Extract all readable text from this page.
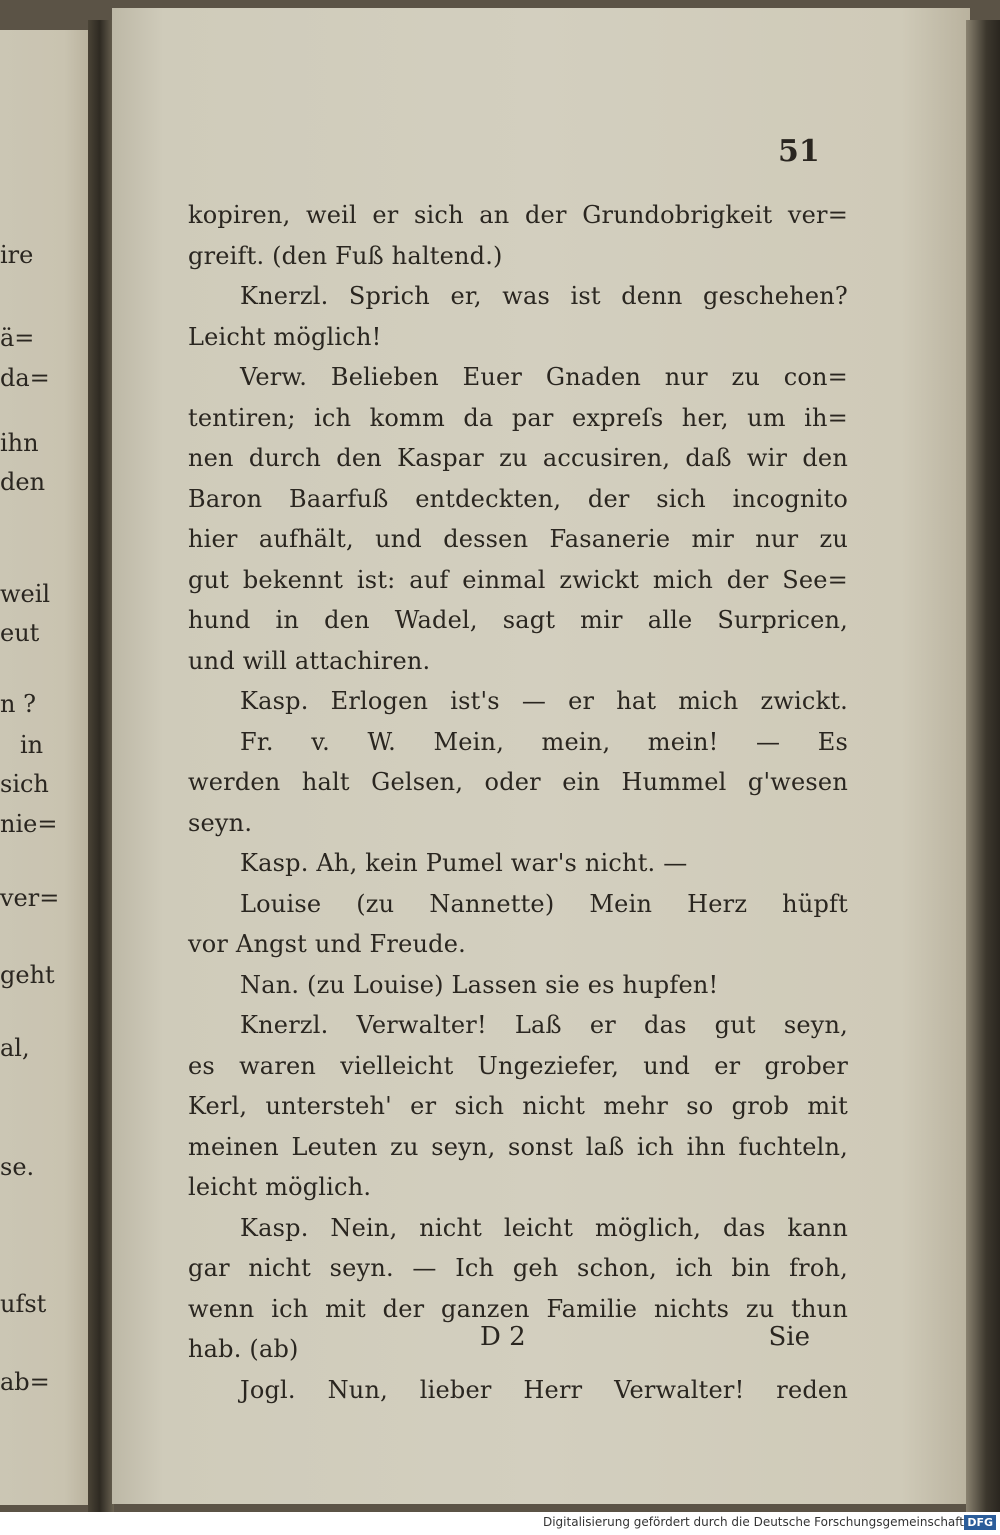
ire
ä=
da=
ihn
den
weil
eut
n ?
in
sich
nie=
ver=
geht
al,
se.
ufst
ab=
51
kopiren, weil er sich an der Grundobrigkeit ver=
greift. (den Fuß haltend.)
Knerzl. Sprich er, was ist denn geschehen?
Leicht möglich!
Verw. Belieben Euer Gnaden nur zu con=
tentiren; ich komm da par expreſs her, um ih=
nen durch den Kaspar zu accusiren, daß wir den
Baron Baarfuß entdeckten, der sich incognito
hier aufhält, und dessen Fasanerie mir nur zu
gut bekennt ist: auf einmal zwickt mich der See=
hund in den Wadel, sagt mir alle Surpricen,
und will attachiren.
Kasp. Erlogen ist's — er hat mich zwickt.
Fr. v. W. Mein, mein, mein! — Es
werden halt Gelsen, oder ein Hummel g'wesen
seyn.
Kasp. Ah, kein Pumel war's nicht. —
Louise (zu Nannette) Mein Herz hüpft
vor Angst und Freude.
Nan. (zu Louise) Lassen sie es hupfen!
Knerzl. Verwalter! Laß er das gut seyn,
es waren vielleicht Ungeziefer, und er grober
Kerl, untersteh' er sich nicht mehr so grob mit
meinen Leuten zu seyn, sonst laß ich ihn fuchteln,
leicht möglich.
Kasp. Nein, nicht leicht möglich, das kann
gar nicht seyn. — Ich geh schon, ich bin froh,
wenn ich mit der ganzen Familie nichts zu thun
hab. (ab)
Jogl. Nun, lieber Herr Verwalter! reden
D 2	Sie
Digitalisierung gefördert durch die Deutsche Forschungsgemeinschaft DFG
